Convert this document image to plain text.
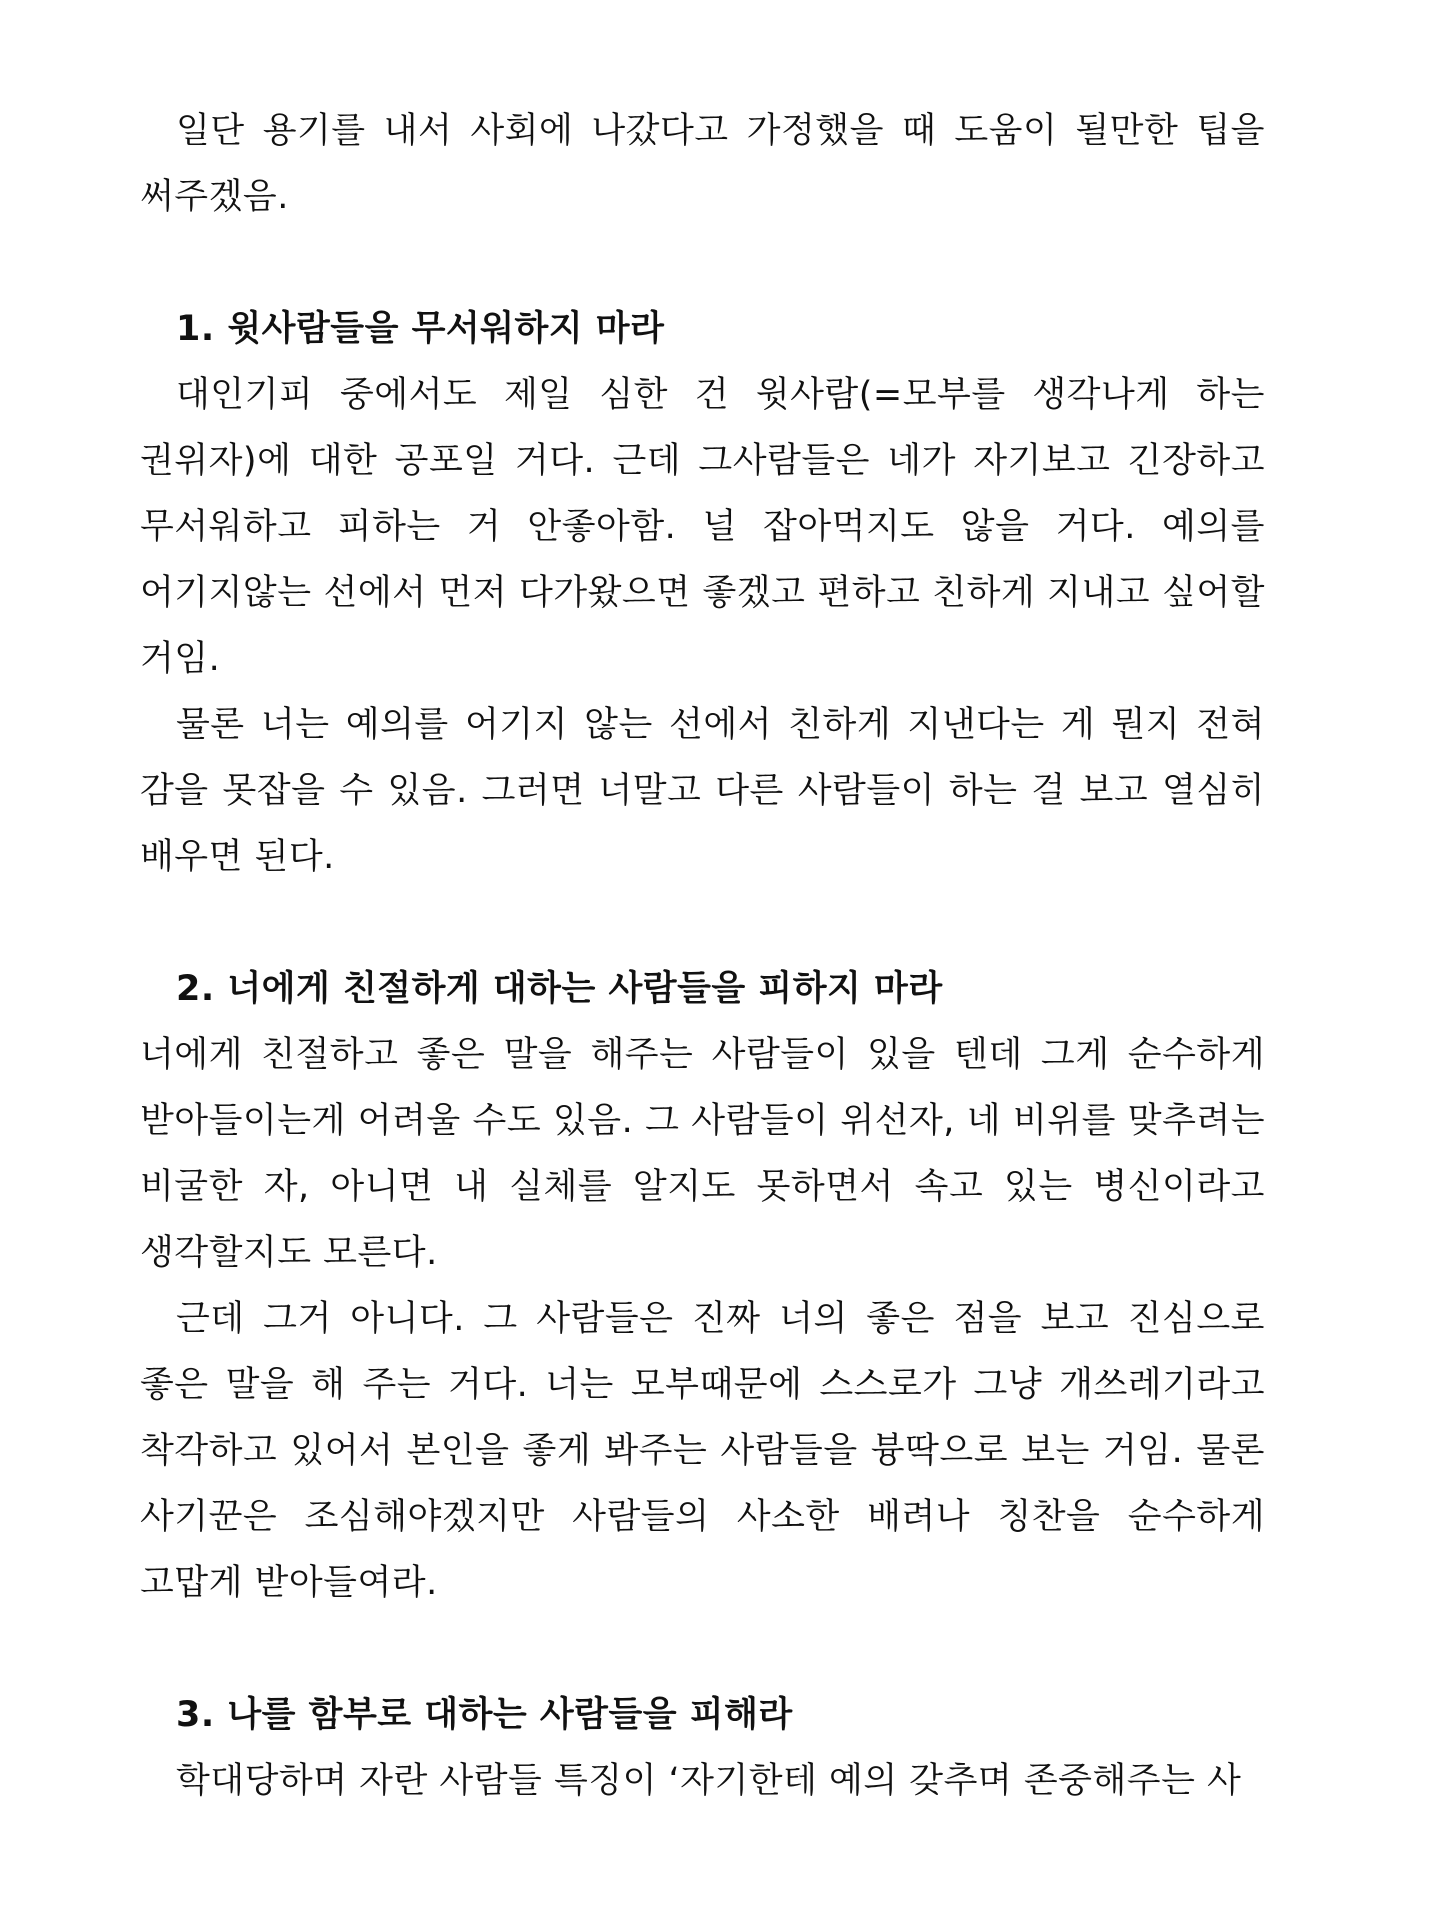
일단 용기를 내서 사회에 나갔다고 가정했을 때 도움이 될만한 팁을 써주겠음.

1. 윗사람들을 무서워하지 마라

대인기피 중에서도 제일 심한 건 윗사람(=모부를 생각나게 하는 권위자)에 대한 공포일 거다. 근데 그사람들은 네가 자기보고 긴장하고 무서워하고 피하는 거 안좋아함. 널 잡아먹지도 않을 거다. 예의를 어기지않는 선에서 먼저 다가왔으면 좋겠고 편하고 친하게 지내고 싶어할 거임.

물론 너는 예의를 어기지 않는 선에서 친하게 지낸다는 게 뭔지 전혀 감을 못잡을 수 있음. 그러면 너말고 다른 사람들이 하는 걸 보고 열심히 배우면 된다.

2. 너에게 친절하게 대하는 사람들을 피하지 마라

너에게 친절하고 좋은 말을 해주는 사람들이 있을 텐데 그게 순수하게 받아들이는게 어려울 수도 있음. 그 사람들이 위선자, 네 비위를 맞추려는 비굴한 자, 아니면 내 실체를 알지도 못하면서 속고 있는 병신이라고 생각할지도 모른다.

근데 그거 아니다. 그 사람들은 진짜 너의 좋은 점을 보고 진심으로 좋은 말을 해 주는 거다. 너는 모부때문에 스스로가 그냥 개쓰레기라고 착각하고 있어서 본인을 좋게 봐주는 사람들을 븅딱으로 보는 거임. 물론 사기꾼은 조심해야겠지만 사람들의 사소한 배려나 칭찬을 순수하게 고맙게 받아들여라.

3. 나를 함부로 대하는 사람들을 피해라

학대당하며 자란 사람들 특징이 ‘자기한테 예의 갖추며 존중해주는 사
